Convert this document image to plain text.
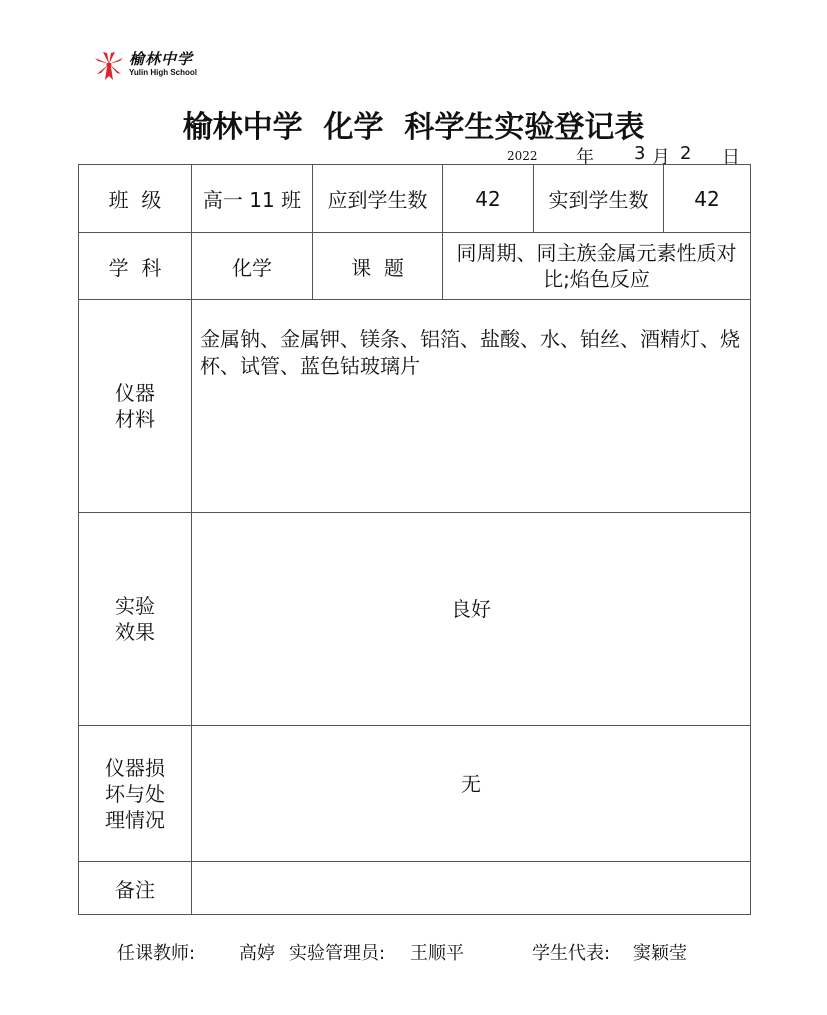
榆林中学
Yulin High School
榆林中学  化学  科学生实验登记表
2022 年 3 月 2 日
班  级	高一 11 班	应到学生数	42	实到学生数	42
学  科	化学	课  题	同周期、同主族金属元素性质对比;焰色反应		
仪器材料	金属钠、金属钾、镁条、铝箔、盐酸、水、铂丝、酒精灯、烧杯、试管、蓝色钴玻璃片				
实验效果	良好				
仪器损坏与处理情况	无				
备注					
任课教师: 高婷 实验管理员: 王顺平	学生代表: 窦颖莹
